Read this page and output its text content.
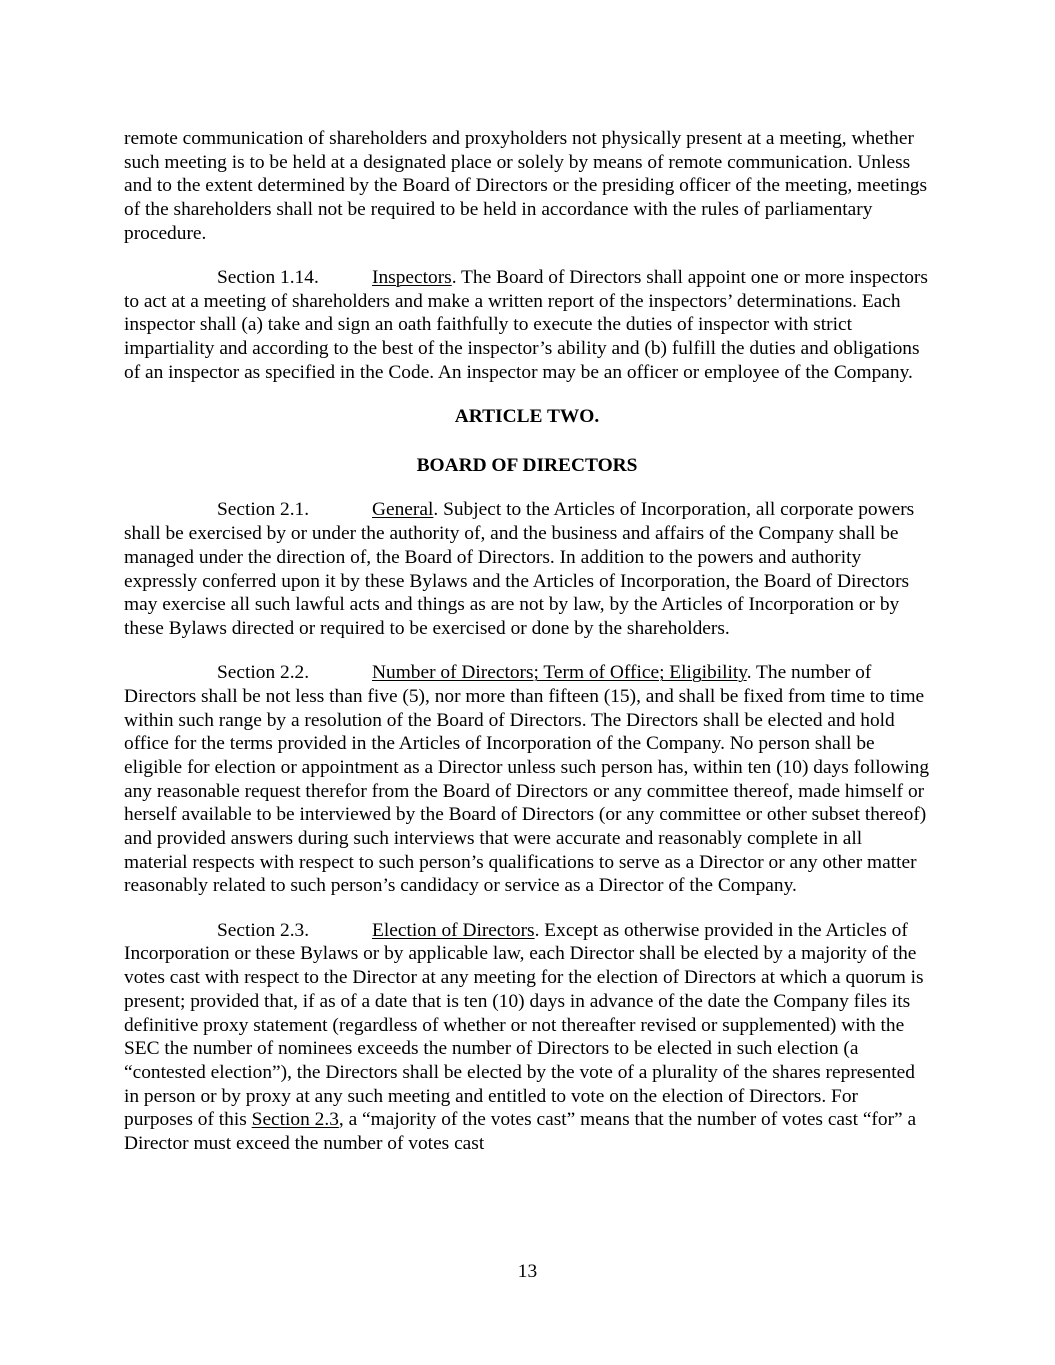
remote communication of shareholders and proxyholders not physically present at a meeting, whether such meeting is to be held at a designated place or solely by means of remote communication. Unless and to the extent determined by the Board of Directors or the presiding officer of the meeting, meetings of the shareholders shall not be required to be held in accordance with the rules of parliamentary procedure.

Section 1.14.	Inspectors. The Board of Directors shall appoint one or more inspectors to act at a meeting of shareholders and make a written report of the inspectors’ determinations. Each inspector shall (a) take and sign an oath faithfully to execute the duties of inspector with strict impartiality and according to the best of the inspector’s ability and (b) fulfill the duties and obligations of an inspector as specified in the Code. An inspector may be an officer or employee of the Company.

ARTICLE TWO.

BOARD OF DIRECTORS

Section 2.1.	General. Subject to the Articles of Incorporation, all corporate powers shall be exercised by or under the authority of, and the business and affairs of the Company shall be managed under the direction of, the Board of Directors. In addition to the powers and authority expressly conferred upon it by these Bylaws and the Articles of Incorporation, the Board of Directors may exercise all such lawful acts and things as are not by law, by the Articles of Incorporation or by these Bylaws directed or required to be exercised or done by the shareholders.

Section 2.2.	Number of Directors; Term of Office; Eligibility. The number of Directors shall be not less than five (5), nor more than fifteen (15), and shall be fixed from time to time within such range by a resolution of the Board of Directors. The Directors shall be elected and hold office for the terms provided in the Articles of Incorporation of the Company. No person shall be eligible for election or appointment as a Director unless such person has, within ten (10) days following any reasonable request therefor from the Board of Directors or any committee thereof, made himself or herself available to be interviewed by the Board of Directors (or any committee or other subset thereof) and provided answers during such interviews that were accurate and reasonably complete in all material respects with respect to such person’s qualifications to serve as a Director or any other matter reasonably related to such person’s candidacy or service as a Director of the Company.

Section 2.3.	Election of Directors. Except as otherwise provided in the Articles of Incorporation or these Bylaws or by applicable law, each Director shall be elected by a majority of the votes cast with respect to the Director at any meeting for the election of Directors at which a quorum is present; provided that, if as of a date that is ten (10) days in advance of the date the Company files its definitive proxy statement (regardless of whether or not thereafter revised or supplemented) with the SEC the number of nominees exceeds the number of Directors to be elected in such election (a “contested election”), the Directors shall be elected by the vote of a plurality of the shares represented in person or by proxy at any such meeting and entitled to vote on the election of Directors. For purposes of this Section 2.3, a “majority of the votes cast” means that the number of votes cast “for” a Director must exceed the number of votes cast

13
